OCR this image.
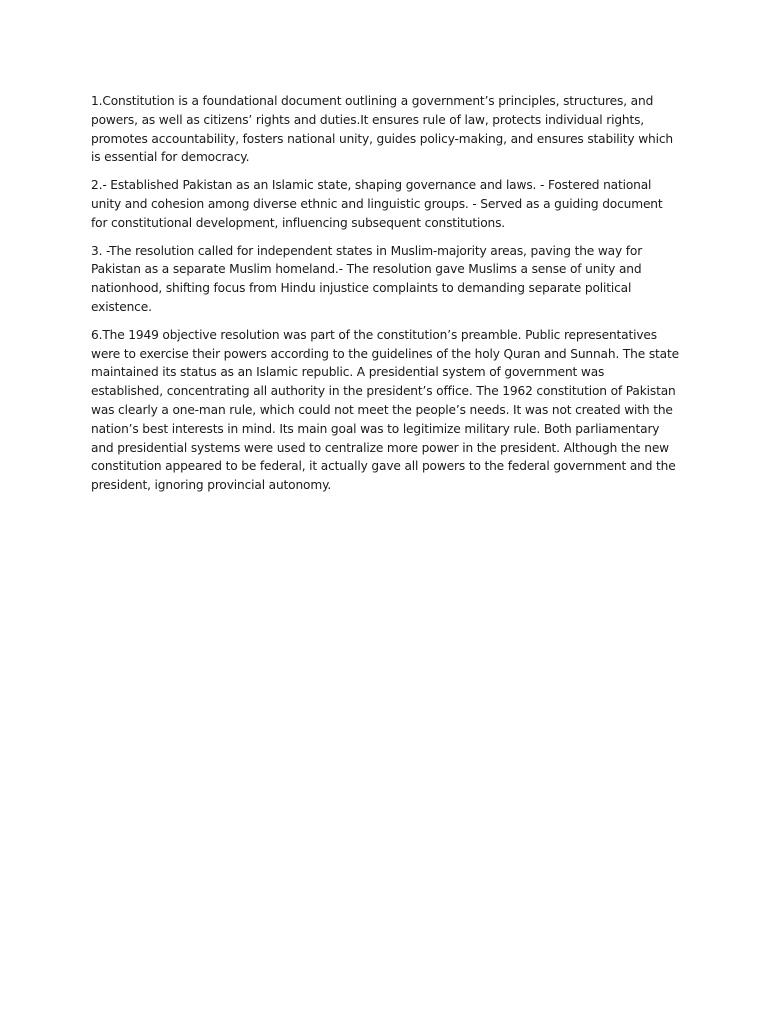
1.Constitution is a foundational document outlining a government’s principles, structures, and powers, as well as citizens’ rights and duties.It ensures rule of law, protects individual rights, promotes accountability, fosters national unity, guides policy-making, and ensures stability which is essential for democracy.

2.- Established Pakistan as an Islamic state, shaping governance and laws. - Fostered national unity and cohesion among diverse ethnic and linguistic groups. - Served as a guiding document for constitutional development, influencing subsequent constitutions.

3. -The resolution called for independent states in Muslim-majority areas, paving the way for Pakistan as a separate Muslim homeland.- The resolution gave Muslims a sense of unity and nationhood, shifting focus from Hindu injustice complaints to demanding separate political existence.

6.The 1949 objective resolution was part of the constitution’s preamble. Public representatives were to exercise their powers according to the guidelines of the holy Quran and Sunnah. The state maintained its status as an Islamic republic. A presidential system of government was established, concentrating all authority in the president’s office. The 1962 constitution of Pakistan was clearly a one-man rule, which could not meet the people’s needs. It was not created with the nation’s best interests in mind. Its main goal was to legitimize military rule. Both parliamentary and presidential systems were used to centralize more power in the president. Although the new constitution appeared to be federal, it actually gave all powers to the federal government and the president, ignoring provincial autonomy.
